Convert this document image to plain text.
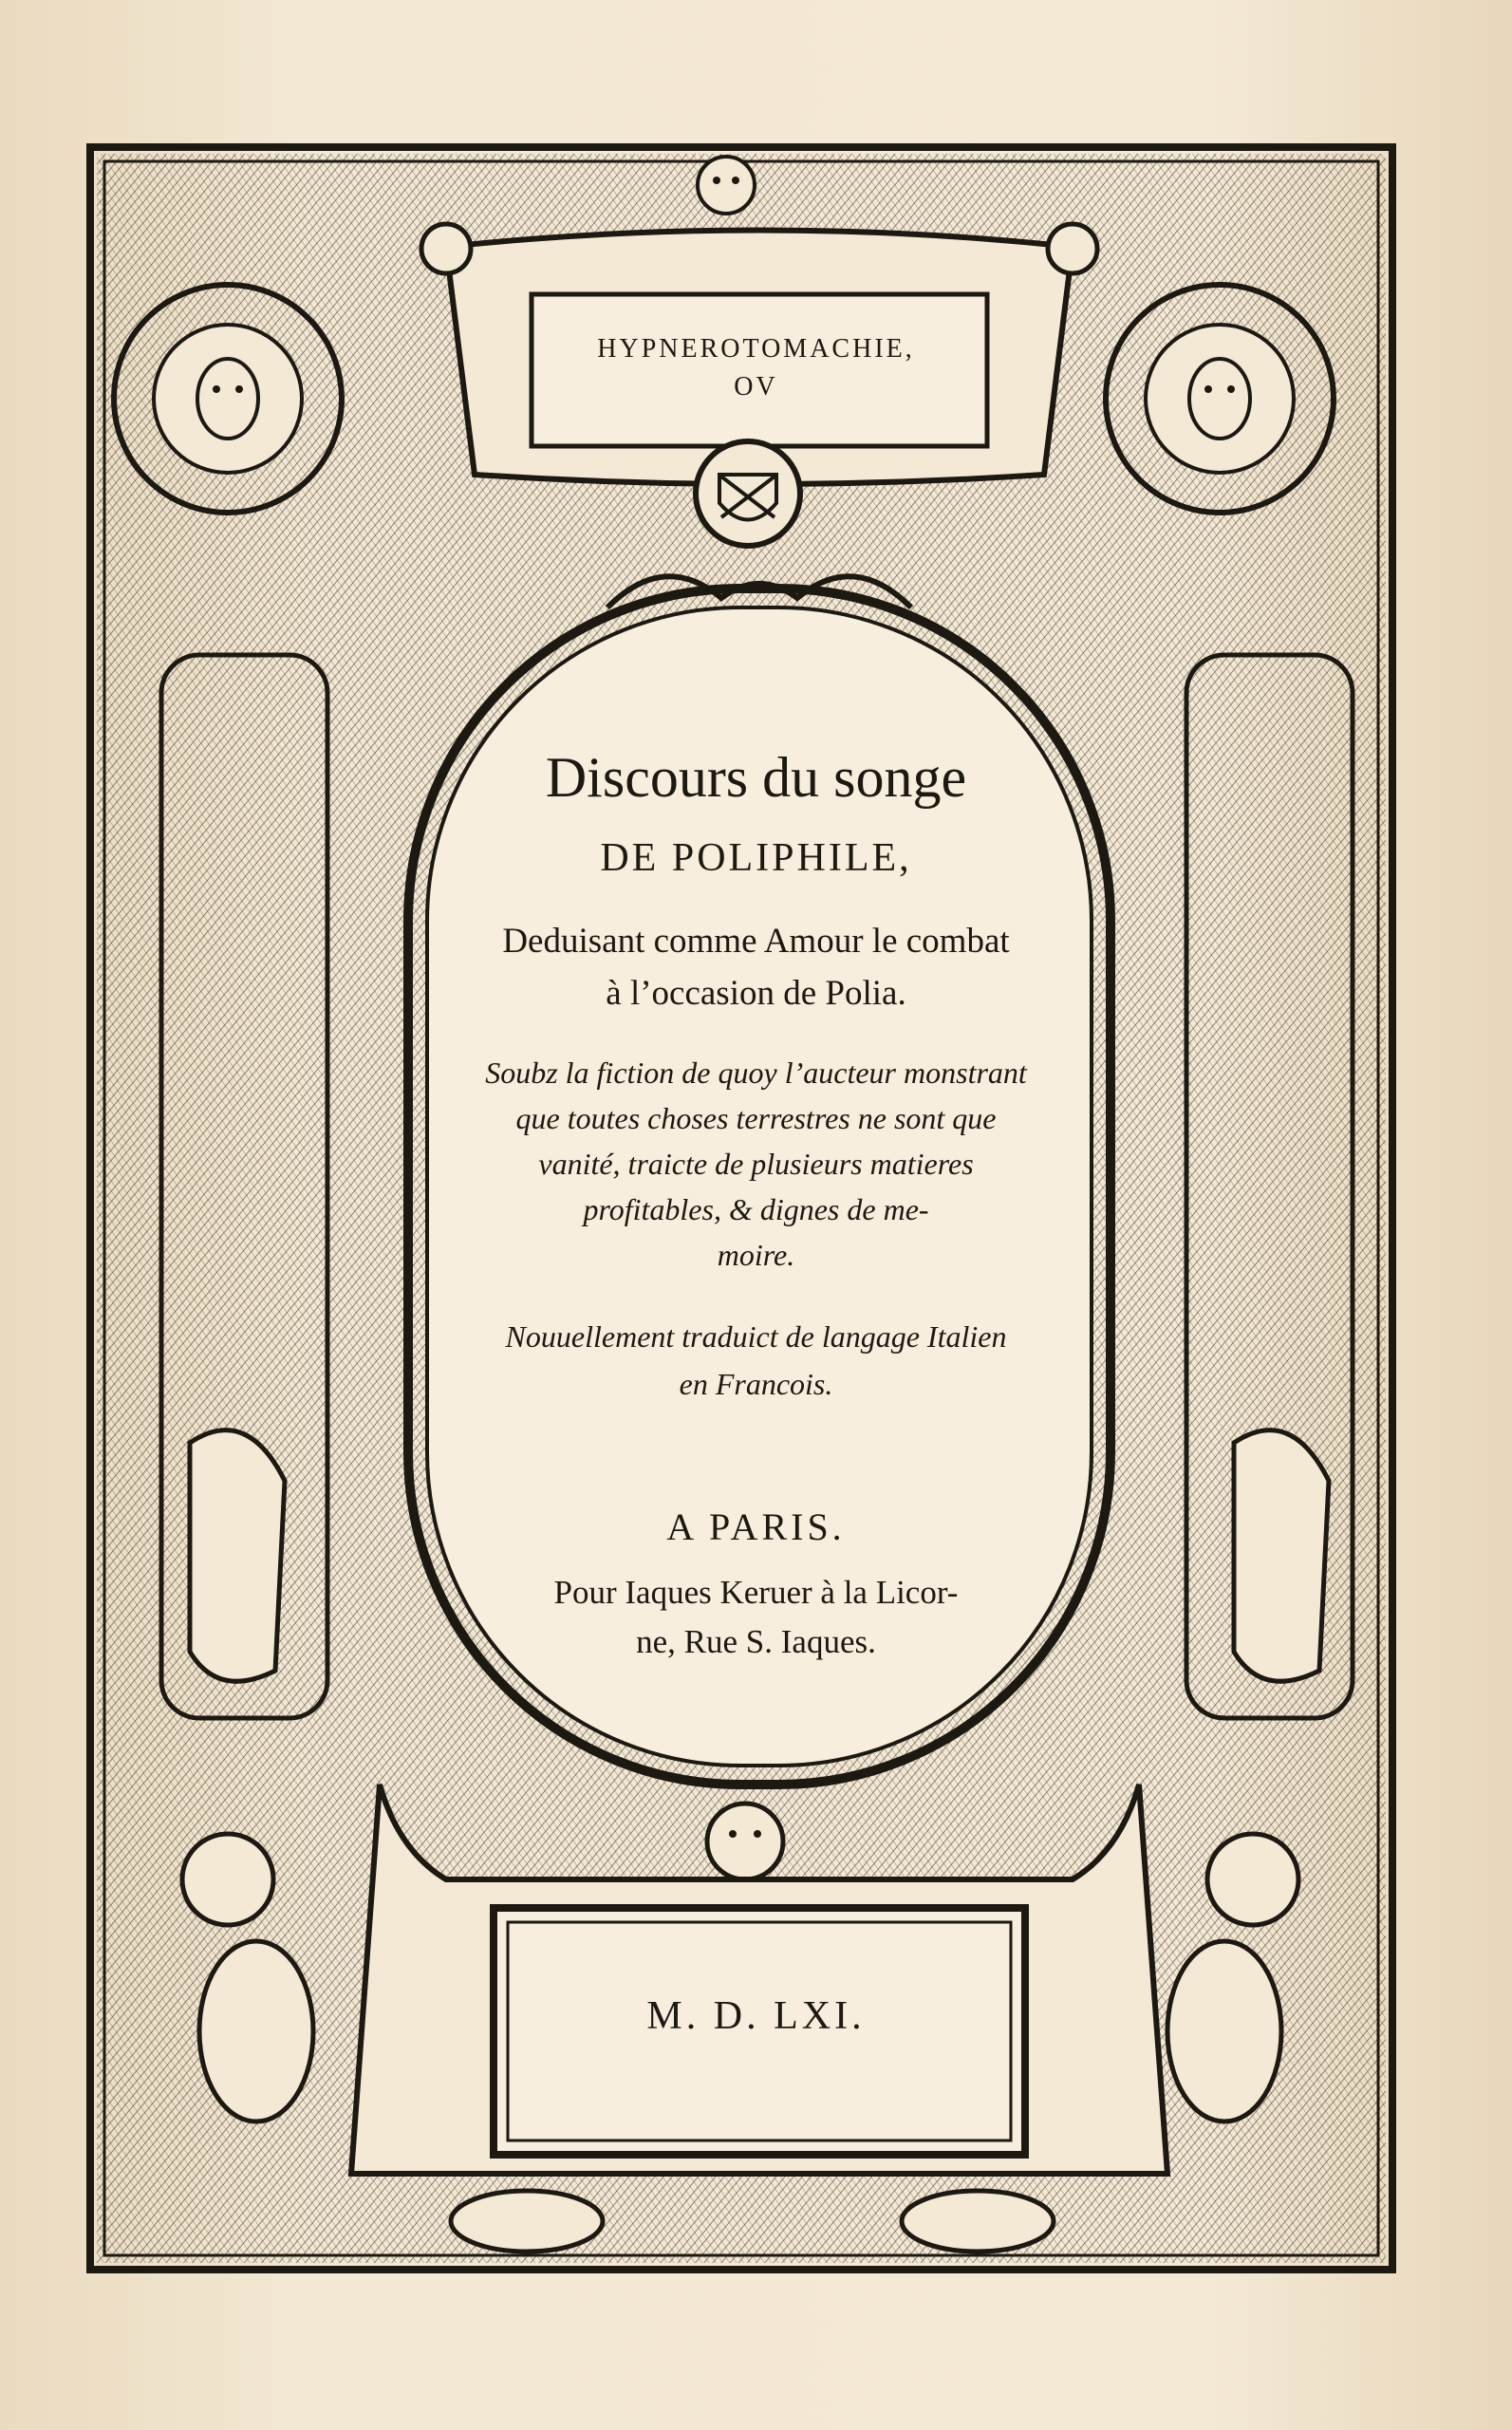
HYPNEROTOMACHIE,

OV

Discours du songe

DE POLIPHILE,

Deduisant comme Amour le combat

à l’occasion de Polia.

Soubz la fiction de quoy l’aucteur monstrant

que toutes choses terrestres ne sont que

vanité, traicte de plusieurs matieres

profitables, & dignes de me-

moire.

Nouuellement traduict de langage Italien

en Francois.

A PARIS.

Pour Iaques Keruer à la Licor-

ne, Rue S. Iaques.

M. D. LXI.
